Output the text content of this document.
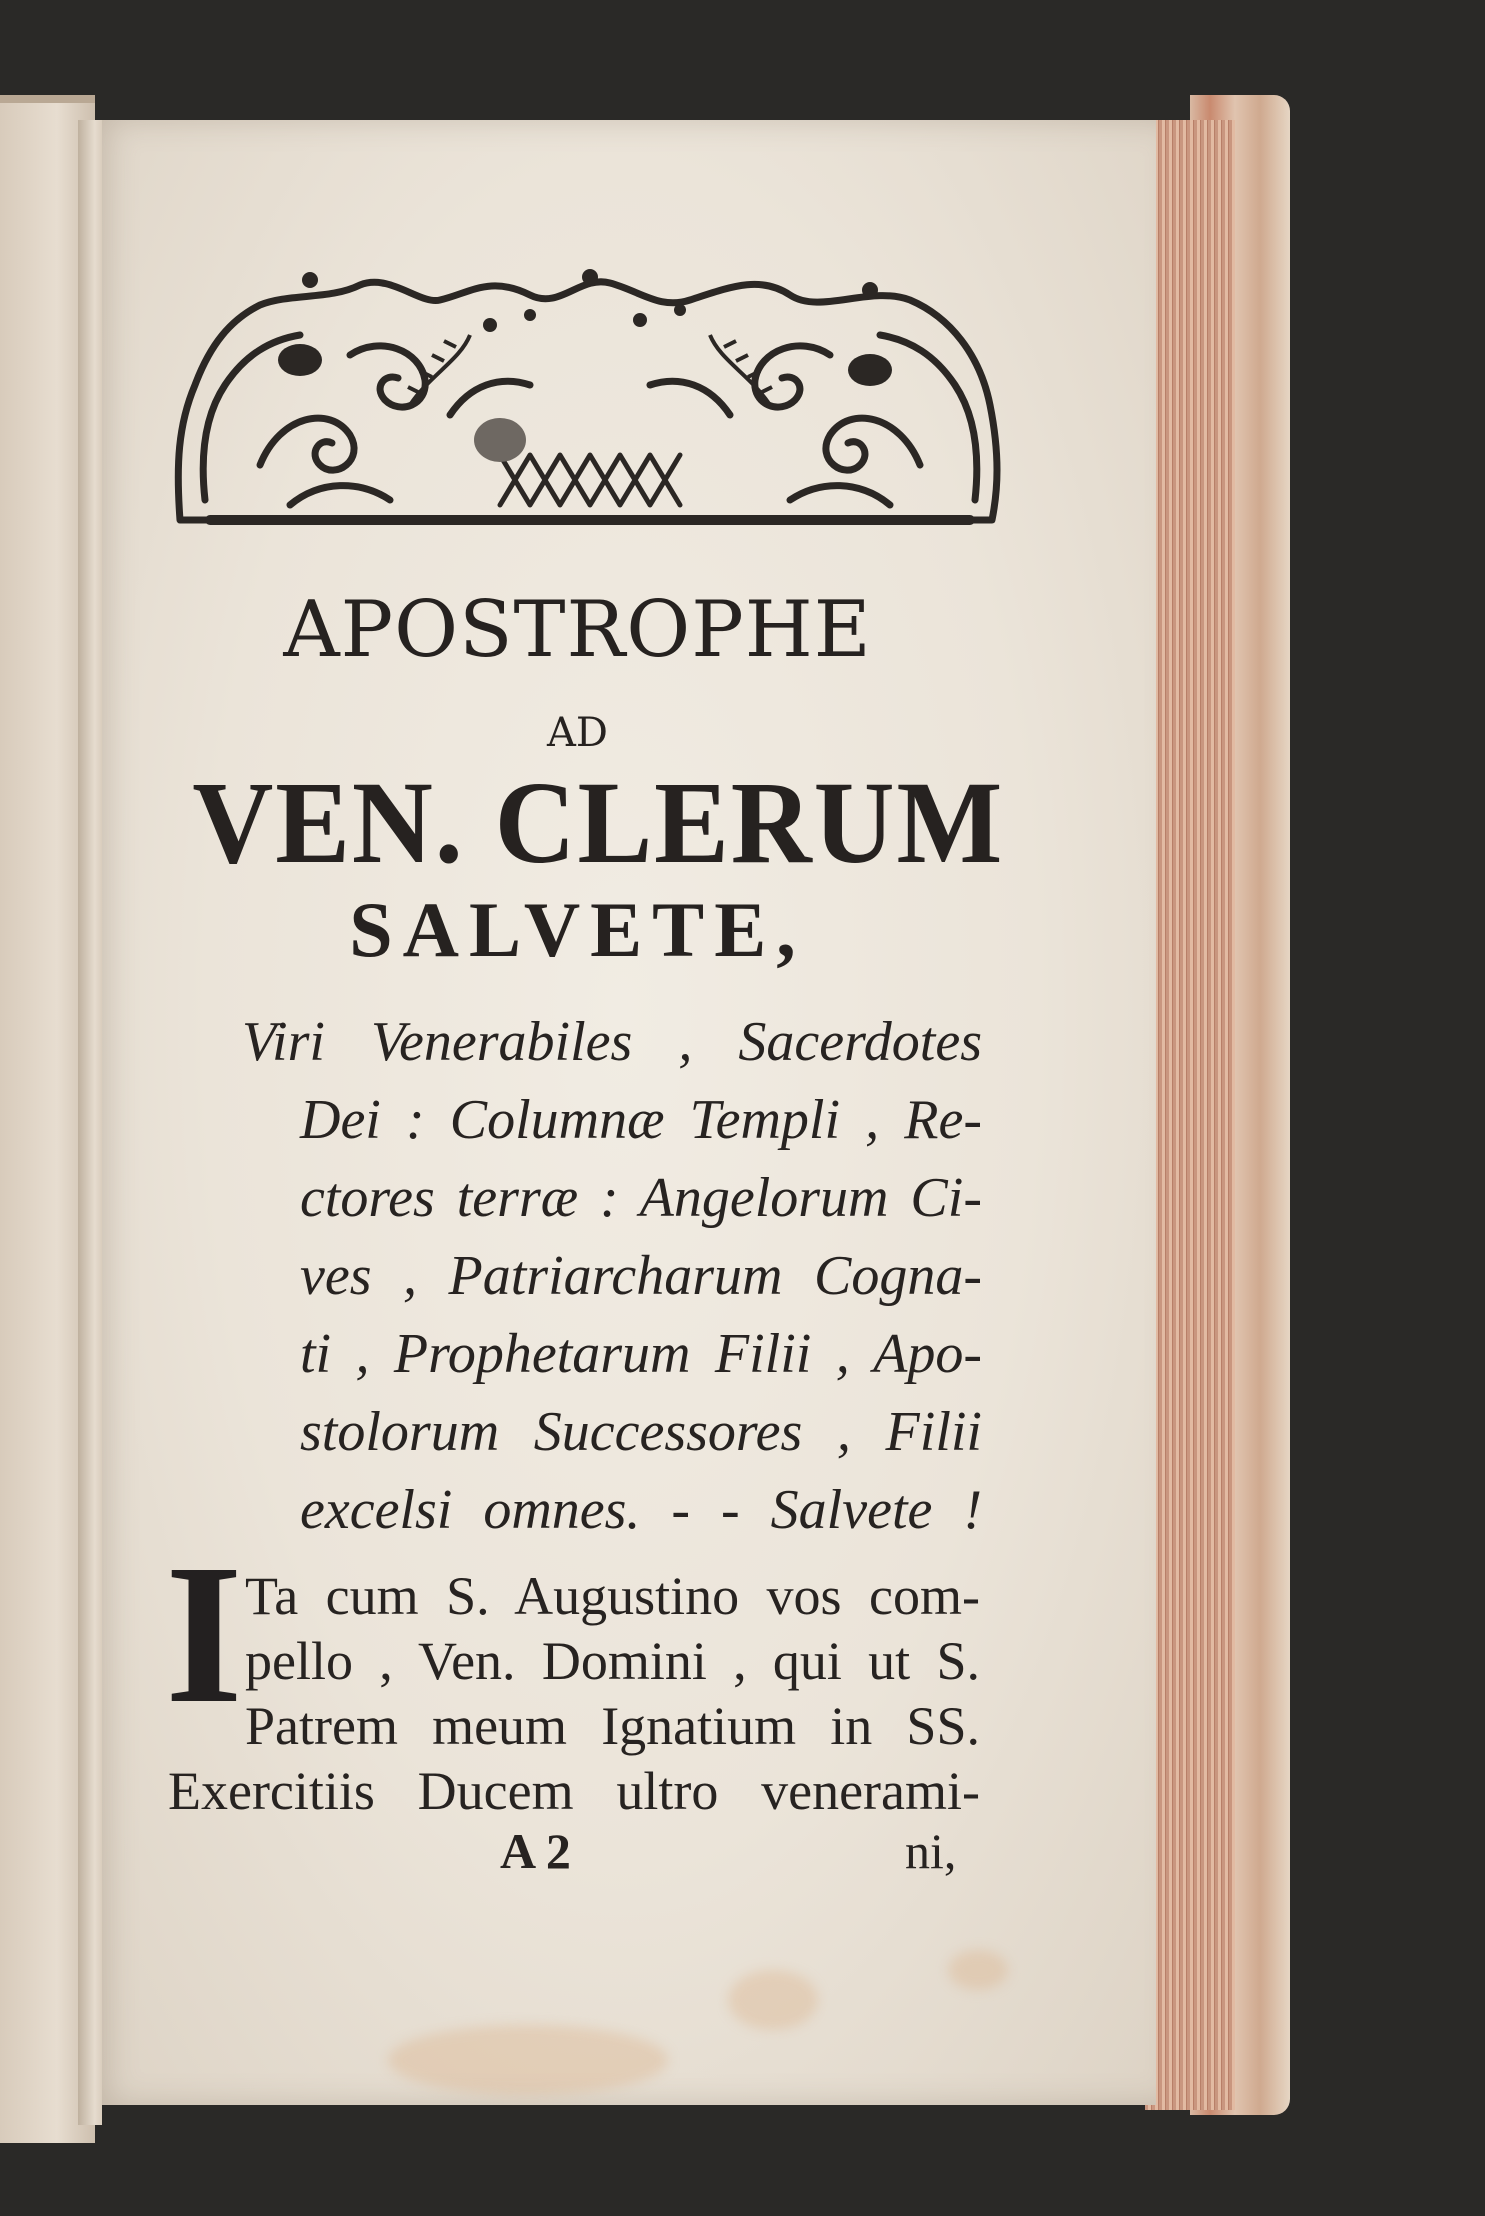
APOSTROPHE
AD
VEN. CLERUM
SALVETE,
Viri Venerabiles , Sacerdotes
Dei : Columnæ Templi , Re-
ctores terræ : Angelorum Ci-
ves , Patriarcharum Cogna-
ti , Prophetarum Filii , Apo-
stolorum Successores , Filii
excelsi omnes. - - Salvete !
I Ta cum S. Augustino vos com-
pello , Ven. Domini , qui ut S.
Patrem meum Ignatium in SS.
Exercitiis Ducem ultro venerami-
A 2	ni,
